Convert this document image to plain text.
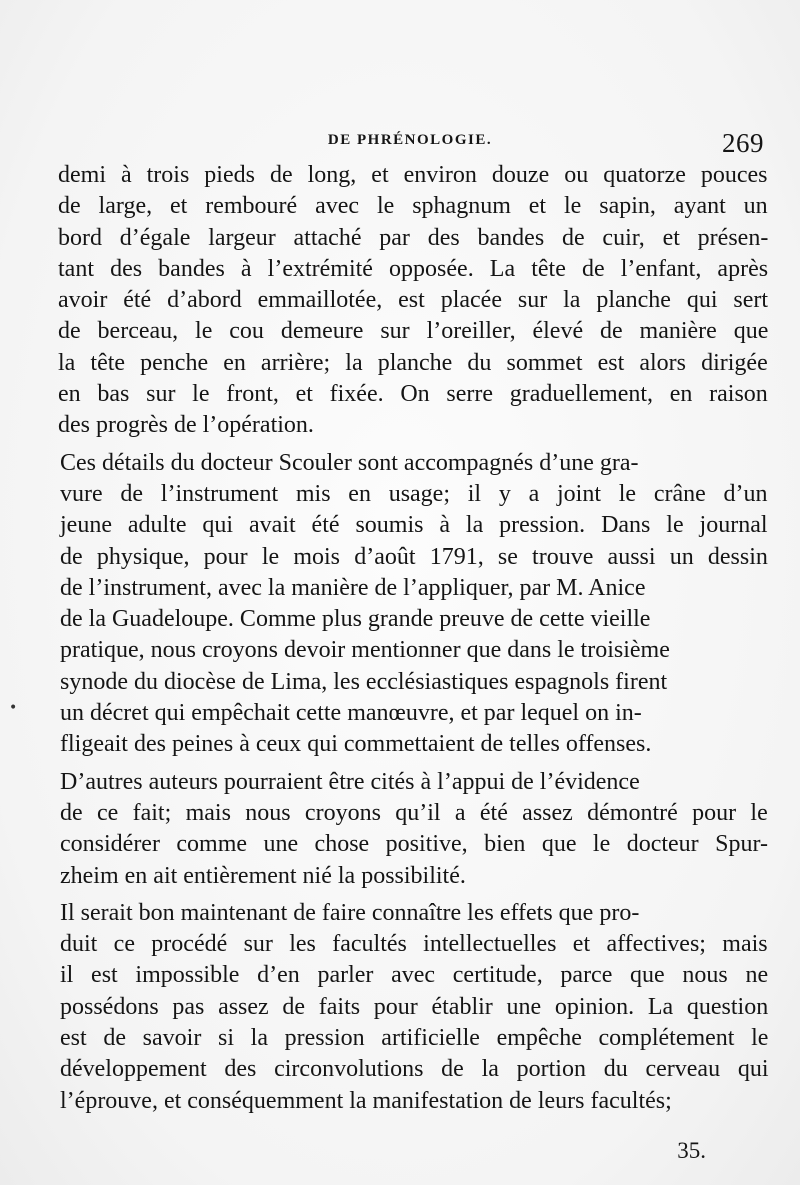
DE PHRÉNOLOGIE.	269

demi à trois pieds de long, et environ douze ou quatorze pouces
de large, et rembouré avec le sphagnum et le sapin, ayant un
bord d’égale largeur attaché par des bandes de cuir, et présen-
tant des bandes à l’extrémité opposée. La tête de l’enfant, après
avoir été d’abord emmaillotée, est placée sur la planche qui sert
de berceau, le cou demeure sur l’oreiller, élevé de manière que
la tête penche en arrière; la planche du sommet est alors dirigée
en bas sur le front, et fixée. On serre graduellement, en raison
des progrès de l’opération.

Ces détails du docteur Scouler sont accompagnés d’une gra-
vure de l’instrument mis en usage; il y a joint le crâne d’un
jeune adulte qui avait été soumis à la pression. Dans le journal
de physique, pour le mois d’août 1791, se trouve aussi un dessin
de l’instrument, avec la manière de l’appliquer, par M. Anice
de la Guadeloupe. Comme plus grande preuve de cette vieille
pratique, nous croyons devoir mentionner que dans le troisième
synode du diocèse de Lima, les ecclésiastiques espagnols firent
un décret qui empêchait cette manœuvre, et par lequel on in-
fligeait des peines à ceux qui commettaient de telles offenses.

D’autres auteurs pourraient être cités à l’appui de l’évidence
de ce fait; mais nous croyons qu’il a été assez démontré pour le
considérer comme une chose positive, bien que le docteur Spur-
zheim en ait entièrement nié la possibilité.

Il serait bon maintenant de faire connaître les effets que pro-
duit ce procédé sur les facultés intellectuelles et affectives; mais
il est impossible d’en parler avec certitude, parce que nous ne
possédons pas assez de faits pour établir une opinion. La question
est de savoir si la pression artificielle empêche complétement le
développement des circonvolutions de la portion du cerveau qui
l’éprouve, et conséquemment la manifestation de leurs facultés;

•
35.
